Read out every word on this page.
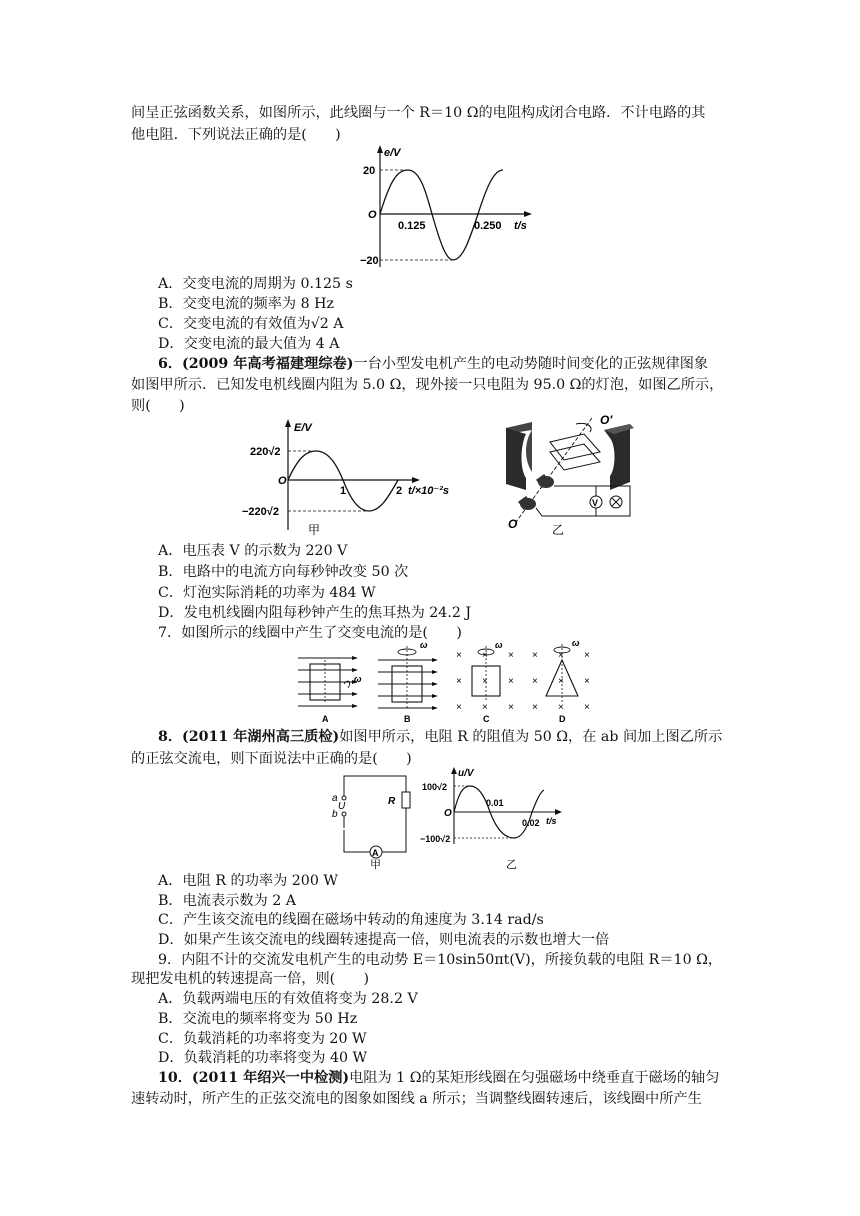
间呈正弦函数关系，如图所示，此线圈与一个 R＝10 Ω的电阻构成闭合电路．不计电路的其
他电阻．下列说法正确的是(　　)
e/V
20
−20
O
0.125	0.250 t/s
A．交变电流的周期为 0.125 s
B．交变电流的频率为 8 Hz
C．交变电流的有效值为√2 A
D．交变电流的最大值为 4 A
6．(2009 年高考福建理综卷)一台小型发电机产生的电动势随时间变化的正弦规律图象
如图甲所示．已知发电机线圈内阻为 5.0 Ω，现外接一只电阻为 95.0 Ω的灯泡，如图乙所示，
则(　　)
E/V
220√2
−220√2
O
1	2 t/×10⁻²s
甲
O′
O
V
乙
A．电压表 V 的示数为 220 V
B．电路中的电流方向每秒钟改变 50 次
C．灯泡实际消耗的功率为 484 W
D．发电机线圈内阻每秒钟产生的焦耳热为 24.2 J
7．如图所示的线圈中产生了交变电流的是(　　)
ω
A
ω
B
× × ×
× × ×
× × ×
ω
C
× × ×
× × ×
× × ×
ω
D
8．(2011 年湖州高三质检)如图甲所示，电阻 R 的阻值为 50 Ω，在 ab 间加上图乙所示
的正弦交流电，则下面说法中正确的是(　　)
A
a
U
b
R
甲
u/V
100√2
−100√2
O
0.01
0.02 t/s
乙
A．电阻 R 的功率为 200 W
B．电流表示数为 2 A
C．产生该交流电的线圈在磁场中转动的角速度为 3.14 rad/s
D．如果产生该交流电的线圈转速提高一倍，则电流表的示数也增大一倍
9．内阻不计的交流发电机产生的电动势 E＝10sin50πt(V)，所接负载的电阻 R＝10 Ω，
现把发电机的转速提高一倍，则(　　)
A．负载两端电压的有效值将变为 28.2 V
B．交流电的频率将变为 50 Hz
C．负载消耗的功率将变为 20 W
D．负载消耗的功率将变为 40 W
10．(2011 年绍兴一中检测)电阻为 1 Ω的某矩形线圈在匀强磁场中绕垂直于磁场的轴匀
速转动时，所产生的正弦交流电的图象如图线 a 所示；当调整线圈转速后，该线圈中所产生
